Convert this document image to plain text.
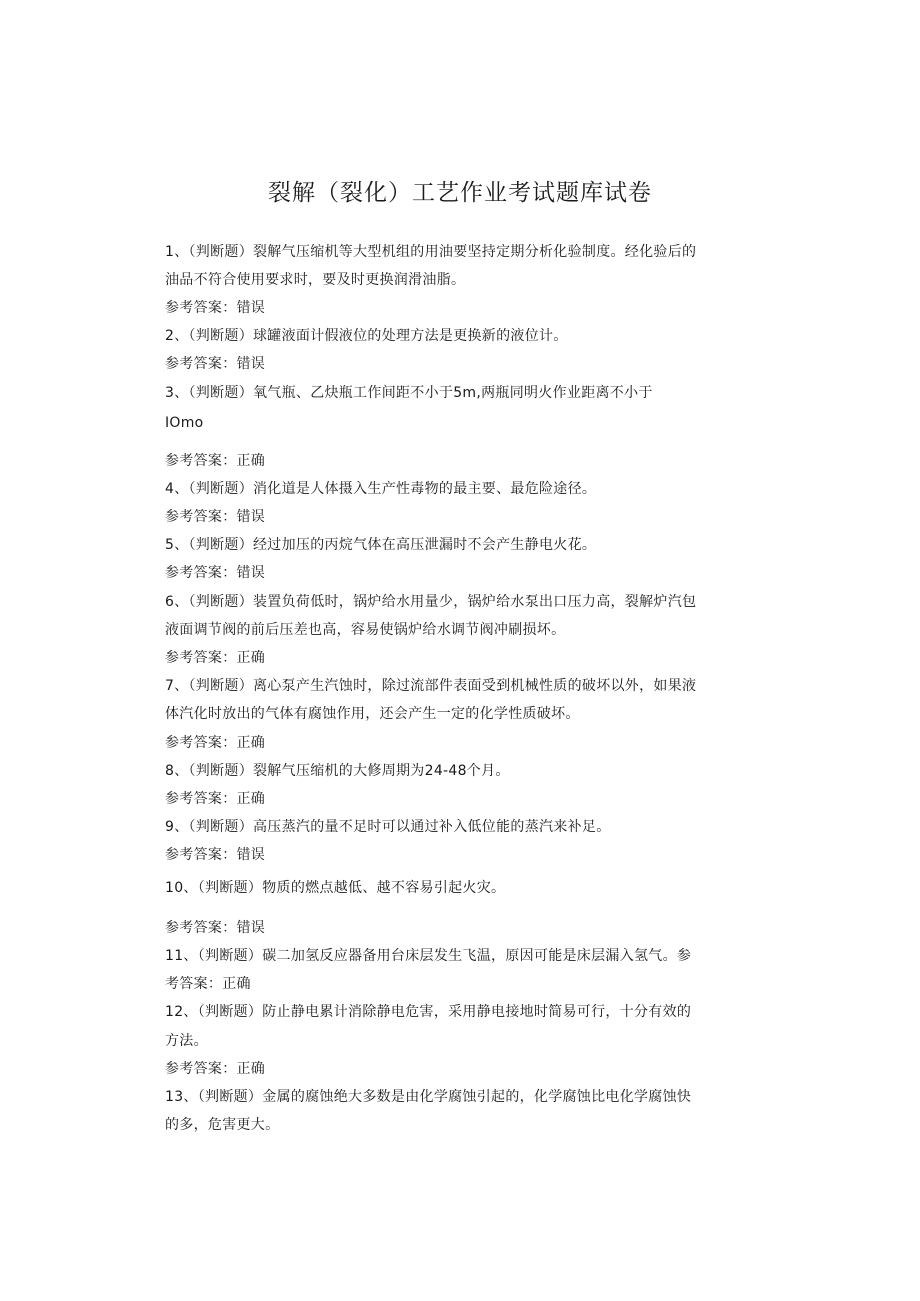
裂解（裂化）工艺作业考试题库试卷
1、（判断题）裂解气压缩机等大型机组的用油要坚持定期分析化验制度。经化验后的
油品不符合使用要求时，要及时更换润滑油脂。
参考答案：错误
2、（判断题）球罐液面计假液位的处理方法是更换新的液位计。
参考答案：错误
3、（判断题）氧气瓶、乙炔瓶工作间距不小于5m,两瓶同明火作业距离不小于
IOmo
参考答案：正确
4、（判断题）消化道是人体摄入生产性毒物的最主要、最危险途径。
参考答案：错误
5、（判断题）经过加压的丙烷气体在高压泄漏时不会产生静电火花。
参考答案：错误
6、（判断题）装置负荷低时，锅炉给水用量少，锅炉给水泵出口压力高，裂解炉汽包
液面调节阀的前后压差也高，容易使锅炉给水调节阀冲刷损坏。
参考答案：正确
7、（判断题）离心泵产生汽蚀时，除过流部件表面受到机械性质的破坏以外，如果液
体汽化时放出的气体有腐蚀作用，还会产生一定的化学性质破坏。
参考答案：正确
8、（判断题）裂解气压缩机的大修周期为24-48个月。
参考答案：正确
9、（判断题）高压蒸汽的量不足时可以通过补入低位能的蒸汽来补足。
参考答案：错误
10、（判断题）物质的燃点越低、越不容易引起火灾。
参考答案：错误
11、（判断题）碳二加氢反应器备用台床层发生飞温，原因可能是床层漏入氢气。参
考答案：正确
12、（判断题）防止静电累计消除静电危害，采用静电接地时简易可行，十分有效的
方法。
参考答案：正确
13、（判断题）金属的腐蚀绝大多数是由化学腐蚀引起的，化学腐蚀比电化学腐蚀快
的多，危害更大。
